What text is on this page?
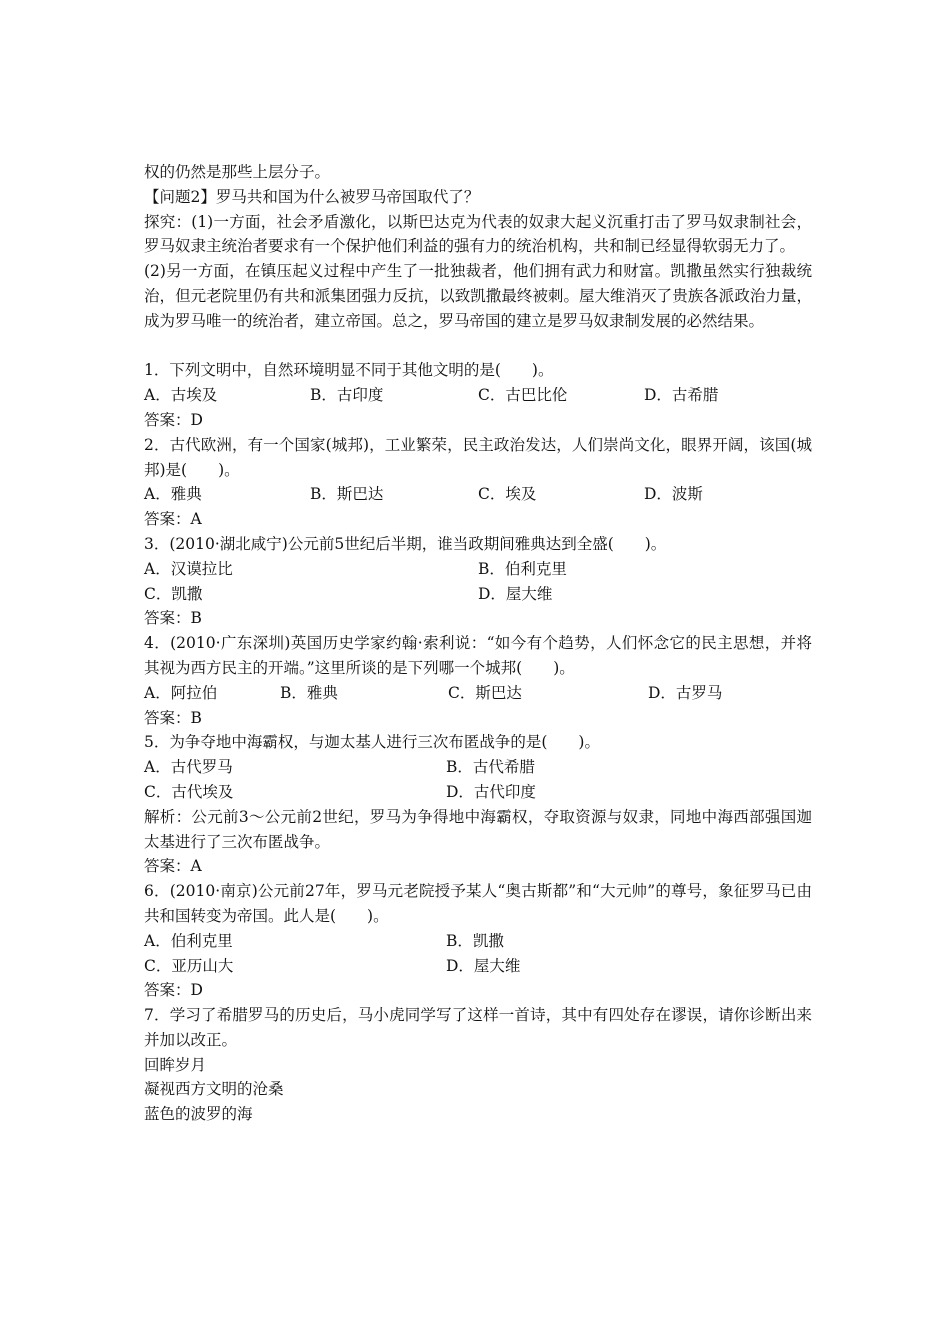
权的仍然是那些上层分子。

【问题2】罗马共和国为什么被罗马帝国取代了？

探究：(1)一方面，社会矛盾激化，以斯巴达克为代表的奴隶大起义沉重打击了罗马奴隶制社会，罗马奴隶主统治者要求有一个保护他们利益的强有力的统治机构，共和制已经显得软弱无力了。

(2)另一方面，在镇压起义过程中产生了一批独裁者，他们拥有武力和财富。凯撒虽然实行独裁统治，但元老院里仍有共和派集团强力反抗，以致凯撒最终被刺。屋大维消灭了贵族各派政治力量，成为罗马唯一的统治者，建立帝国。总之，罗马帝国的建立是罗马奴隶制发展的必然结果。

1．下列文明中，自然环境明显不同于其他文明的是(　　)。

A．古埃及	B．古印度	C．古巴比伦	D．古希腊

答案：D

2．古代欧洲，有一个国家(城邦)，工业繁荣，民主政治发达，人们崇尚文化，眼界开阔，该国(城邦)是(　　)。

A．雅典	B．斯巴达	C．埃及	D．波斯

答案：A

3．(2010·湖北咸宁)公元前5世纪后半期，谁当政期间雅典达到全盛(　　)。

A．汉谟拉比	B．伯利克里
C．凯撒	D．屋大维

答案：B

4．(2010·广东深圳)英国历史学家约翰·索利说：“如今有个趋势，人们怀念它的民主思想，并将其视为西方民主的开端。”这里所谈的是下列哪一个城邦(　　)。

A．阿拉伯	B．雅典	C．斯巴达	D．古罗马

答案：B

5．为争夺地中海霸权，与迦太基人进行三次布匿战争的是(　　)。

A．古代罗马	B．古代希腊
C．古代埃及	D．古代印度

解析：公元前3～公元前2世纪，罗马为争得地中海霸权，夺取资源与奴隶，同地中海西部强国迦太基进行了三次布匿战争。

答案：A

6．(2010·南京)公元前27年，罗马元老院授予某人“奥古斯都”和“大元帅”的尊号，象征罗马已由共和国转变为帝国。此人是(　　)。

A．伯利克里	B．凯撒
C．亚历山大	D．屋大维

答案：D

7．学习了希腊罗马的历史后，马小虎同学写了这样一首诗，其中有四处存在谬误，请你诊断出来并加以改正。

回眸岁月

凝视西方文明的沧桑

蓝色的波罗的海
